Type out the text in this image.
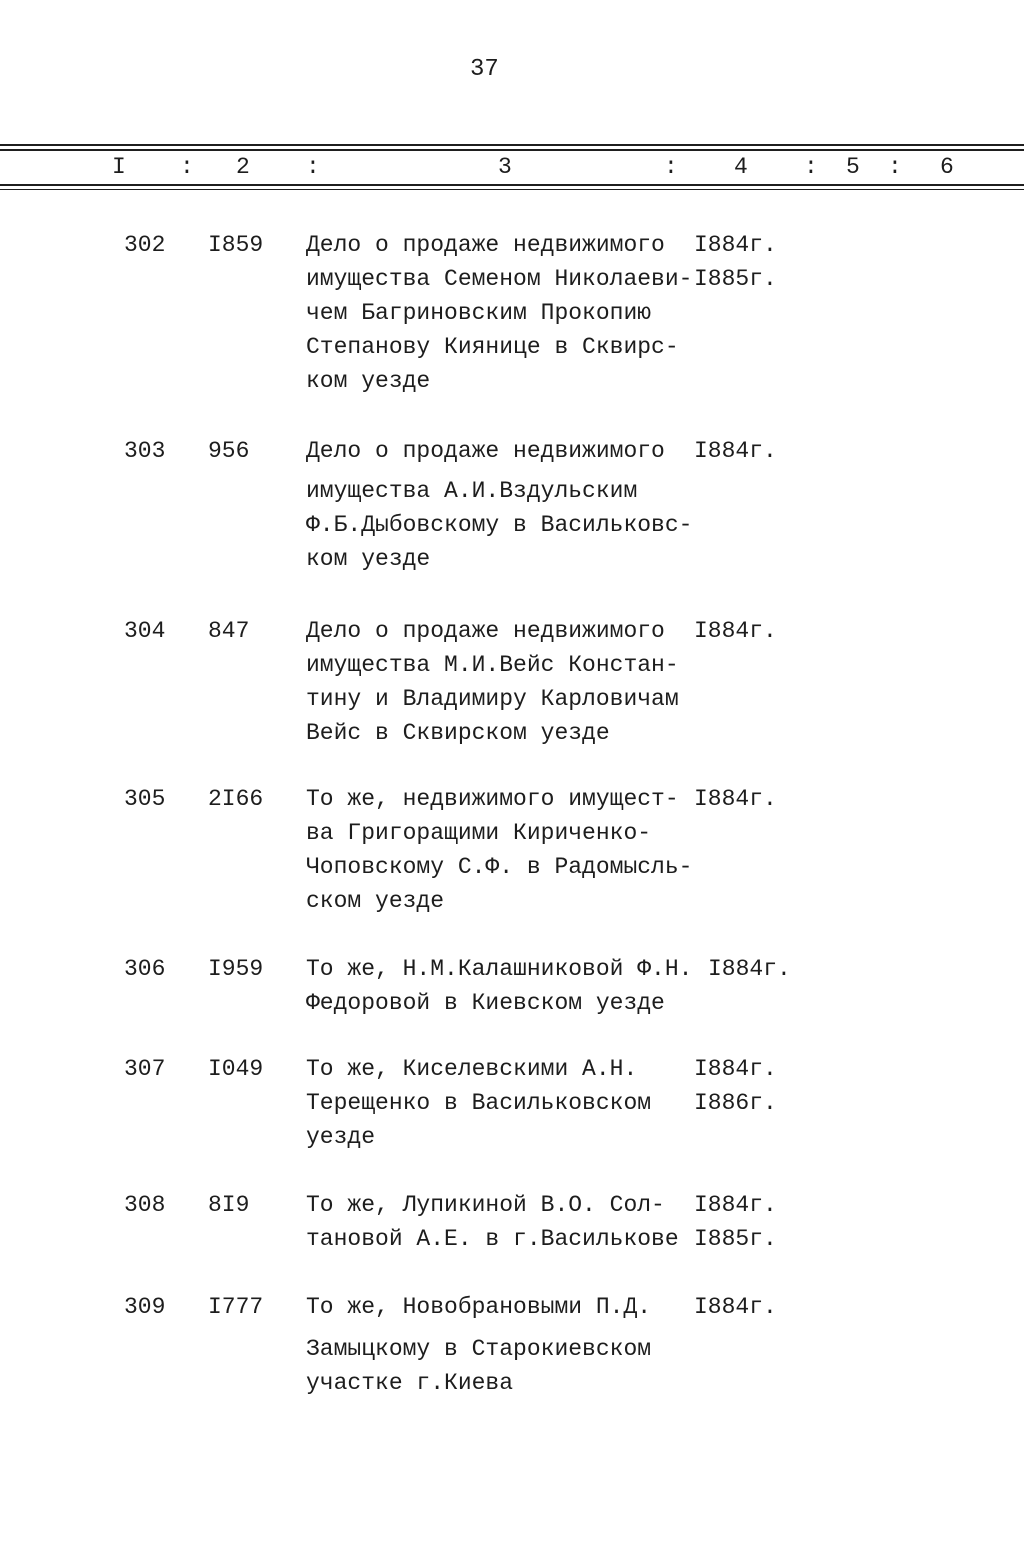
37
I : 2 :	3	: 4 : 5 : 6
302 I859 Дело о продаже недвижимого
имущества Семеном Николаеви-
чем Багриновским Прокопию
Степанову Киянице в Сквирс-
ком уезде
I884г.
I885г.
303 956 Дело о продаже недвижимого
имущества А.И.Вздульским
Ф.Б.Дыбовскому в Васильковс-
ком уезде
I884г.
304 847 Дело о продаже недвижимого
имущества М.И.Вейс Констан-
тину и Владимиру Карловичам
Вейс в Сквирском уезде
I884г.
305 2I66 То же, недвижимого имущест-
ва Григоращими Кириченко-
Чоповскому С.Ф. в Радомысль-
ском уезде
I884г.
306 I959 То же, Н.М.Калашниковой Ф.Н.
Федоровой в Киевском уезде
I884г.
307 I049 То же, Киселевскими А.Н.
Терещенко в Васильковском
уезде
I884г.
I886г.
308 8I9 То же, Лупикиной В.О. Сол-
тановой А.Е. в г.Василькове
I884г.
I885г.
309 I777 То же, Новобрановыми П.Д.
Замыцкому в Старокиевском
участке г.Киева
I884г.
